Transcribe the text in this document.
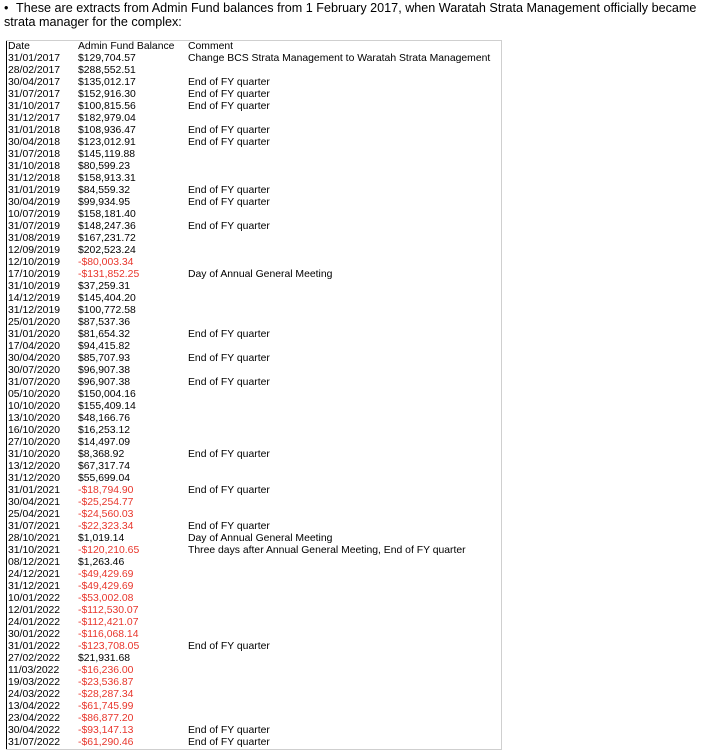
• These are extracts from Admin Fund balances from 1 February 2017, when Waratah Strata Management officially became strata manager for the complex:
Date	Admin Fund Balance	Comment
31/01/2017	$129,704.57	Change BCS Strata Management to Waratah Strata Management
28/02/2017	$288,552.51	
30/04/2017	$135,012.17	End of FY quarter
31/07/2017	$152,916.30	End of FY quarter
31/10/2017	$100,815.56	End of FY quarter
31/12/2017	$182,979.04	
31/01/2018	$108,936.47	End of FY quarter
30/04/2018	$123,012.91	End of FY quarter
31/07/2018	$145,119.88	
31/10/2018	$80,599.23	
31/12/2018	$158,913.31	
31/01/2019	$84,559.32	End of FY quarter
30/04/2019	$99,934.95	End of FY quarter
10/07/2019	$158,181.40	
31/07/2019	$148,247.36	End of FY quarter
31/08/2019	$167,231.72	
12/09/2019	$202,523.24	
12/10/2019	-$80,003.34	
17/10/2019	-$131,852.25	Day of Annual General Meeting
31/10/2019	$37,259.31	
14/12/2019	$145,404.20	
31/12/2019	$100,772.58	
25/01/2020	$87,537.36	
31/01/2020	$81,654.32	End of FY quarter
17/04/2020	$94,415.82	
30/04/2020	$85,707.93	End of FY quarter
30/07/2020	$96,907.38	
31/07/2020	$96,907.38	End of FY quarter
05/10/2020	$150,004.16	
10/10/2020	$155,409.14	
13/10/2020	$48,166.76	
16/10/2020	$16,253.12	
27/10/2020	$14,497.09	
31/10/2020	$8,368.92	End of FY quarter
13/12/2020	$67,317.74	
31/12/2020	$55,699.04	
31/01/2021	-$18,794.90	End of FY quarter
30/04/2021	-$25,254.77	
25/04/2021	-$24,560.03	
31/07/2021	-$22,323.34	End of FY quarter
28/10/2021	$1,019.14	Day of Annual General Meeting
31/10/2021	-$120,210.65	Three days after Annual General Meeting, End of FY quarter
08/12/2021	$1,263.46	
24/12/2021	-$49,429.69	
31/12/2021	-$49,429.69	
10/01/2022	-$53,002.08	
12/01/2022	-$112,530.07	
24/01/2022	-$112,421.07	
30/01/2022	-$116,068.14	
31/01/2022	-$123,708.05	End of FY quarter
27/02/2022	$21,931.68	
11/03/2022	-$16,236.00	
19/03/2022	-$23,536.87	
24/03/2022	-$28,287.34	
13/04/2022	-$61,745.99	
23/04/2022	-$86,877.20	
30/04/2022	-$93,147.13	End of FY quarter
31/07/2022	-$61,290.46	End of FY quarter
